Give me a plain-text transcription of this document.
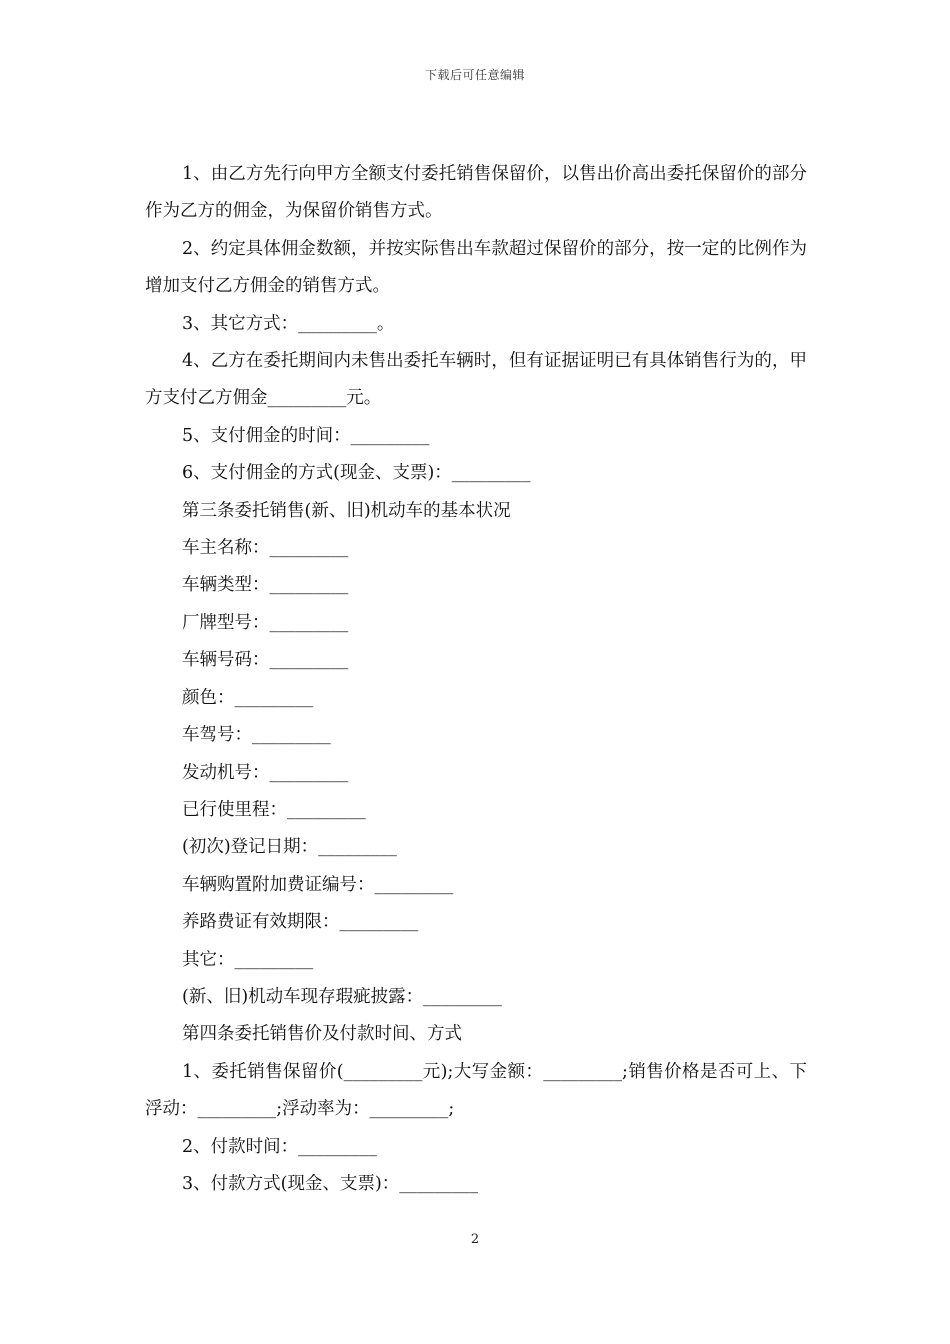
下载后可任意编辑

1、由乙方先行向甲方全额支付委托销售保留价，以售出价高出委托保留价的部分作为乙方的佣金，为保留价销售方式。

2、约定具体佣金数额，并按实际售出车款超过保留价的部分，按一定的比例作为增加支付乙方佣金的销售方式。

3、其它方式：_________。

4、乙方在委托期间内未售出委托车辆时，但有证据证明已有具体销售行为的，甲方支付乙方佣金_________元。

5、支付佣金的时间：_________

6、支付佣金的方式(现金、支票)：_________

第三条委托销售(新、旧)机动车的基本状况

车主名称：_________

车辆类型：_________

厂牌型号：_________

车辆号码：_________

颜色：_________

车驾号：_________

发动机号：_________

已行使里程：_________

(初次)登记日期：_________

车辆购置附加费证编号：_________

养路费证有效期限：_________

其它：_________

(新、旧)机动车现存瑕疵披露：_________

第四条委托销售价及付款时间、方式

1、委托销售保留价(_________元);大写金额：_________;销售价格是否可上、下浮动：_________;浮动率为：_________;

2、付款时间：_________

3、付款方式(现金、支票)：_________

2
